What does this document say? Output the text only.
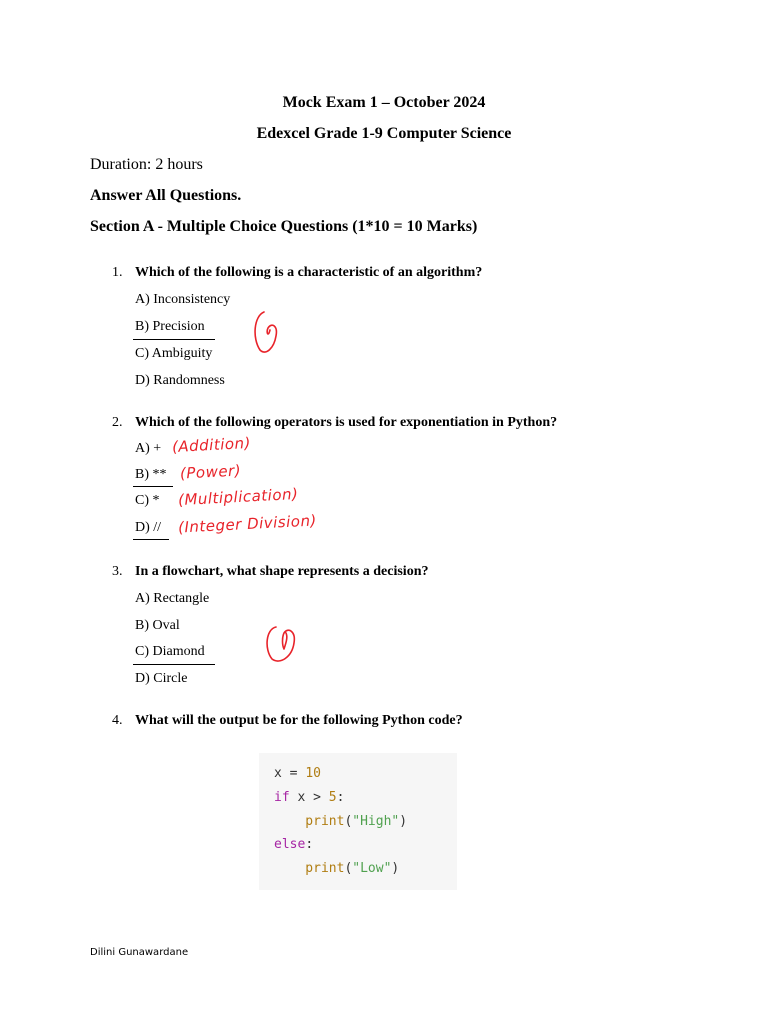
Mock Exam 1 – October 2024
Edexcel Grade 1-9 Computer Science
Duration: 2 hours
Answer All Questions.
Section A - Multiple Choice Questions (1*10 = 10 Marks)
1. Which of the following is a characteristic of an algorithm?
A) Inconsistency
B) Precision
C) Ambiguity
D) Randomness
2. Which of the following operators is used for exponentiation in Python?
A) +
B) **
C) *
D) //
(Addition)
(Power)
(Multiplication)
(Integer Division)
3. In a flowchart, what shape represents a decision?
A) Rectangle
B) Oval
C) Diamond
D) Circle
4. What will the output be for the following Python code?
x = 10
if x > 5:
print("High")
else:
print("Low")
Dilini Gunawardane
